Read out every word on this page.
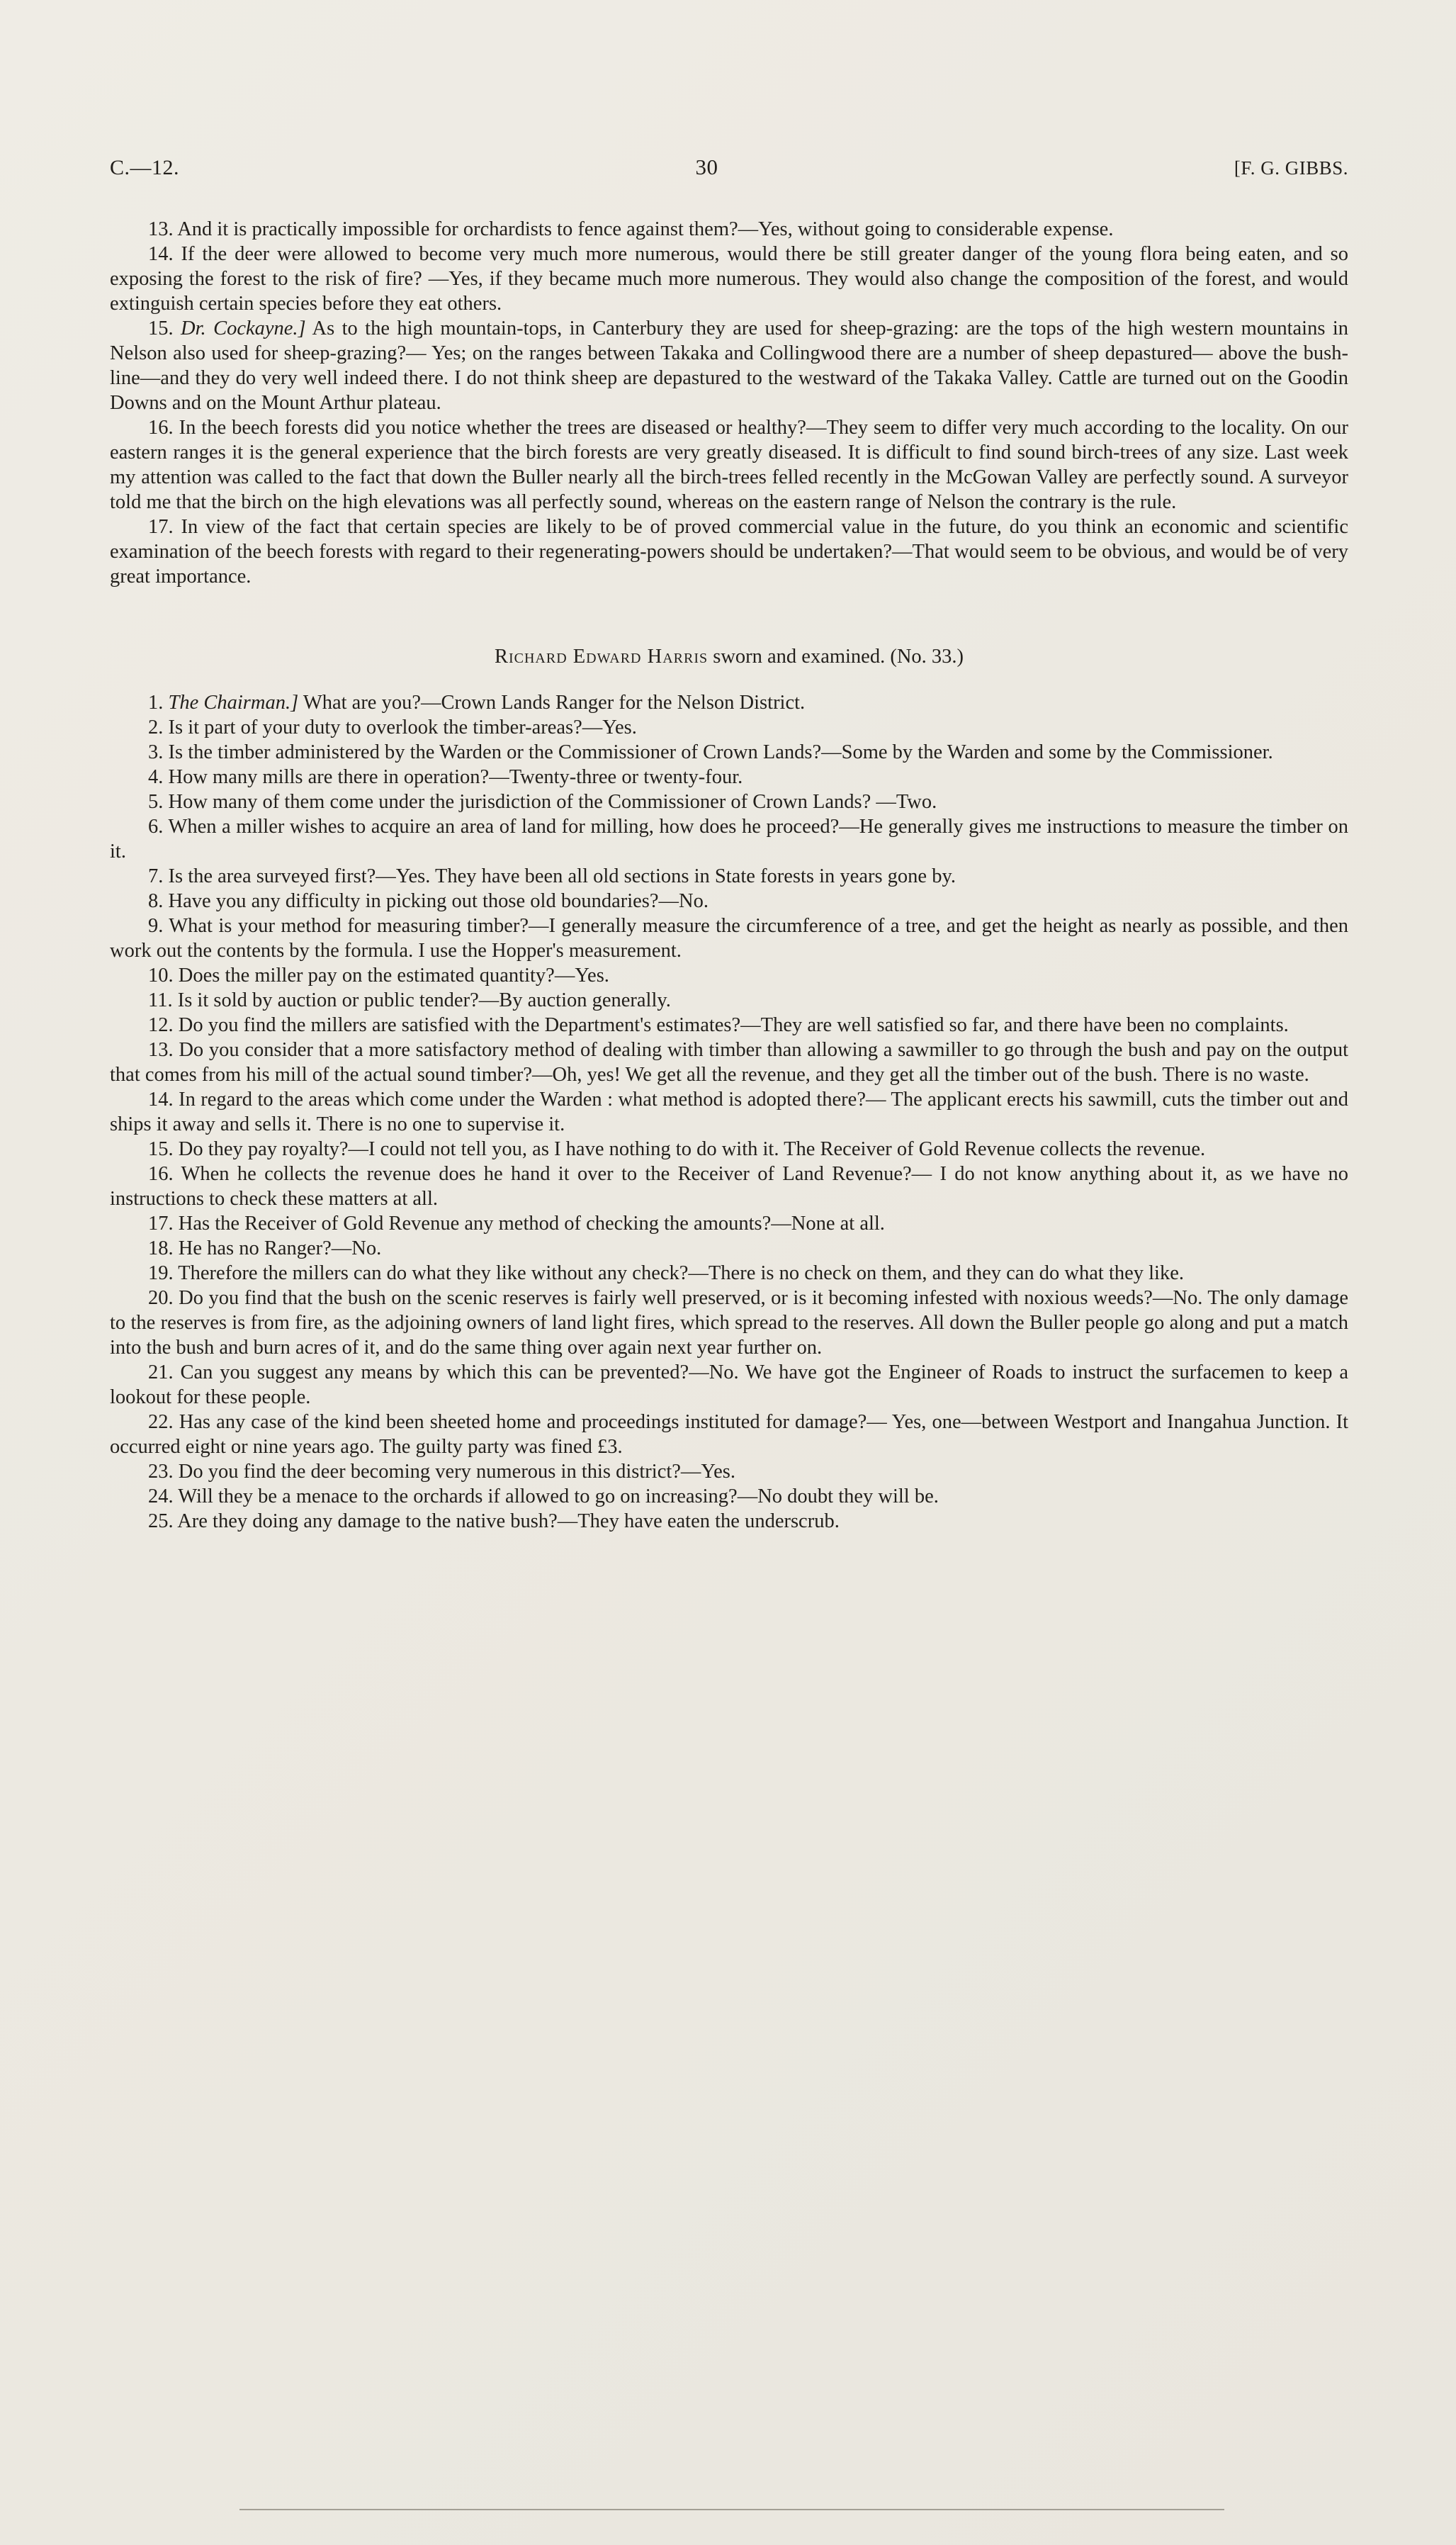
C.—12.	30	[F. G. GIBBS.

13. And it is practically impossible for orchardists to fence against them?—Yes, without going to considerable expense.

14. If the deer were allowed to become very much more numerous, would there be still greater danger of the young flora being eaten, and so exposing the forest to the risk of fire? —Yes, if they became much more numerous. They would also change the composition of the forest, and would extinguish certain species before they eat others.

15. Dr. Cockayne.] As to the high mountain-tops, in Canterbury they are used for sheep-grazing: are the tops of the high western mountains in Nelson also used for sheep-grazing?— Yes; on the ranges between Takaka and Collingwood there are a number of sheep depastured— above the bush-line—and they do very well indeed there. I do not think sheep are depastured to the westward of the Takaka Valley. Cattle are turned out on the Goodin Downs and on the Mount Arthur plateau.

16. In the beech forests did you notice whether the trees are diseased or healthy?—They seem to differ very much according to the locality. On our eastern ranges it is the general experience that the birch forests are very greatly diseased. It is difficult to find sound birch-trees of any size. Last week my attention was called to the fact that down the Buller nearly all the birch-trees felled recently in the McGowan Valley are perfectly sound. A surveyor told me that the birch on the high elevations was all perfectly sound, whereas on the eastern range of Nelson the contrary is the rule.

17. In view of the fact that certain species are likely to be of proved commercial value in the future, do you think an economic and scientific examination of the beech forests with regard to their regenerating-powers should be undertaken?—That would seem to be obvious, and would be of very great importance.

Richard Edward Harris sworn and examined. (No. 33.)

1. The Chairman.] What are you?—Crown Lands Ranger for the Nelson District.

2. Is it part of your duty to overlook the timber-areas?—Yes.

3. Is the timber administered by the Warden or the Commissioner of Crown Lands?—Some by the Warden and some by the Commissioner.

4. How many mills are there in operation?—Twenty-three or twenty-four.

5. How many of them come under the jurisdiction of the Commissioner of Crown Lands? —Two.

6. When a miller wishes to acquire an area of land for milling, how does he proceed?—He generally gives me instructions to measure the timber on it.

7. Is the area surveyed first?—Yes. They have been all old sections in State forests in years gone by.

8. Have you any difficulty in picking out those old boundaries?—No.

9. What is your method for measuring timber?—I generally measure the circumference of a tree, and get the height as nearly as possible, and then work out the contents by the formula. I use the Hopper's measurement.

10. Does the miller pay on the estimated quantity?—Yes.

11. Is it sold by auction or public tender?—By auction generally.

12. Do you find the millers are satisfied with the Department's estimates?—They are well satisfied so far, and there have been no complaints.

13. Do you consider that a more satisfactory method of dealing with timber than allowing a sawmiller to go through the bush and pay on the output that comes from his mill of the actual sound timber?—Oh, yes! We get all the revenue, and they get all the timber out of the bush. There is no waste.

14. In regard to the areas which come under the Warden : what method is adopted there?— The applicant erects his sawmill, cuts the timber out and ships it away and sells it. There is no one to supervise it.

15. Do they pay royalty?—I could not tell you, as I have nothing to do with it. The Receiver of Gold Revenue collects the revenue.

16. When he collects the revenue does he hand it over to the Receiver of Land Revenue?— I do not know anything about it, as we have no instructions to check these matters at all.

17. Has the Receiver of Gold Revenue any method of checking the amounts?—None at all.

18. He has no Ranger?—No.

19. Therefore the millers can do what they like without any check?—There is no check on them, and they can do what they like.

20. Do you find that the bush on the scenic reserves is fairly well preserved, or is it becoming infested with noxious weeds?—No. The only damage to the reserves is from fire, as the adjoining owners of land light fires, which spread to the reserves. All down the Buller people go along and put a match into the bush and burn acres of it, and do the same thing over again next year further on.

21. Can you suggest any means by which this can be prevented?—No. We have got the Engineer of Roads to instruct the surfacemen to keep a lookout for these people.

22. Has any case of the kind been sheeted home and proceedings instituted for damage?— Yes, one—between Westport and Inangahua Junction. It occurred eight or nine years ago. The guilty party was fined £3.

23. Do you find the deer becoming very numerous in this district?—Yes.

24. Will they be a menace to the orchards if allowed to go on increasing?—No doubt they will be.

25. Are they doing any damage to the native bush?—They have eaten the underscrub.
